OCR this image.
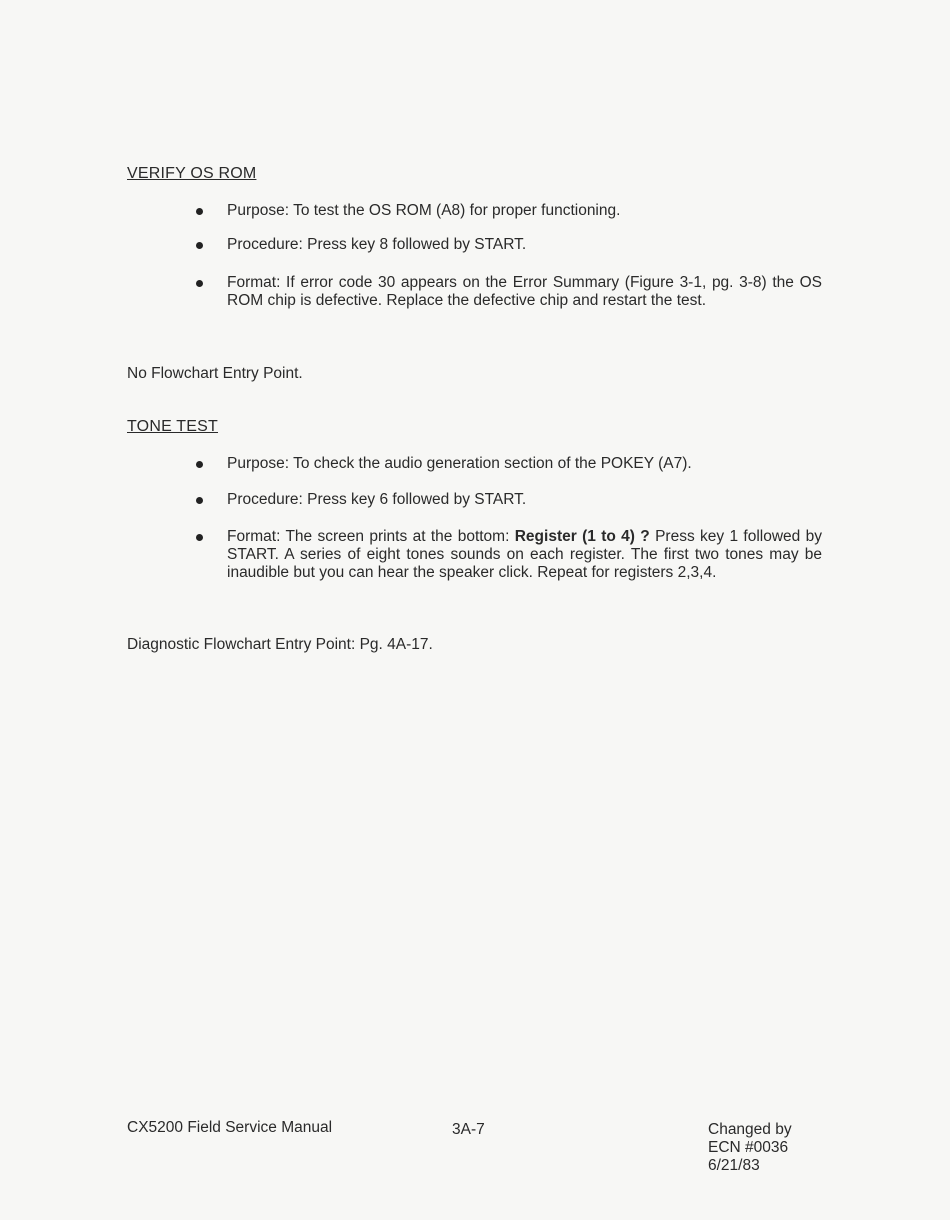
VERIFY OS ROM
Purpose: To test the OS ROM (A8) for proper functioning.
Procedure: Press key 8 followed by START.
Format: If error code 30 appears on the Error Summary (Figure 3-1, pg. 3-8) the OS ROM chip is defective. Replace the defective chip and restart the test.
No Flowchart Entry Point.
TONE TEST
Purpose: To check the audio generation section of the POKEY (A7).
Procedure: Press key 6 followed by START.
Format: The screen prints at the bottom: Register (1 to 4) ? Press key 1 followed by START. A series of eight tones sounds on each register. The first two tones may be inaudible but you can hear the speaker click. Repeat for registers 2,3,4.
Diagnostic Flowchart Entry Point: Pg. 4A-17.
CX5200 Field Service Manual	3A-7	Changed by
ECN #0036
6/21/83
